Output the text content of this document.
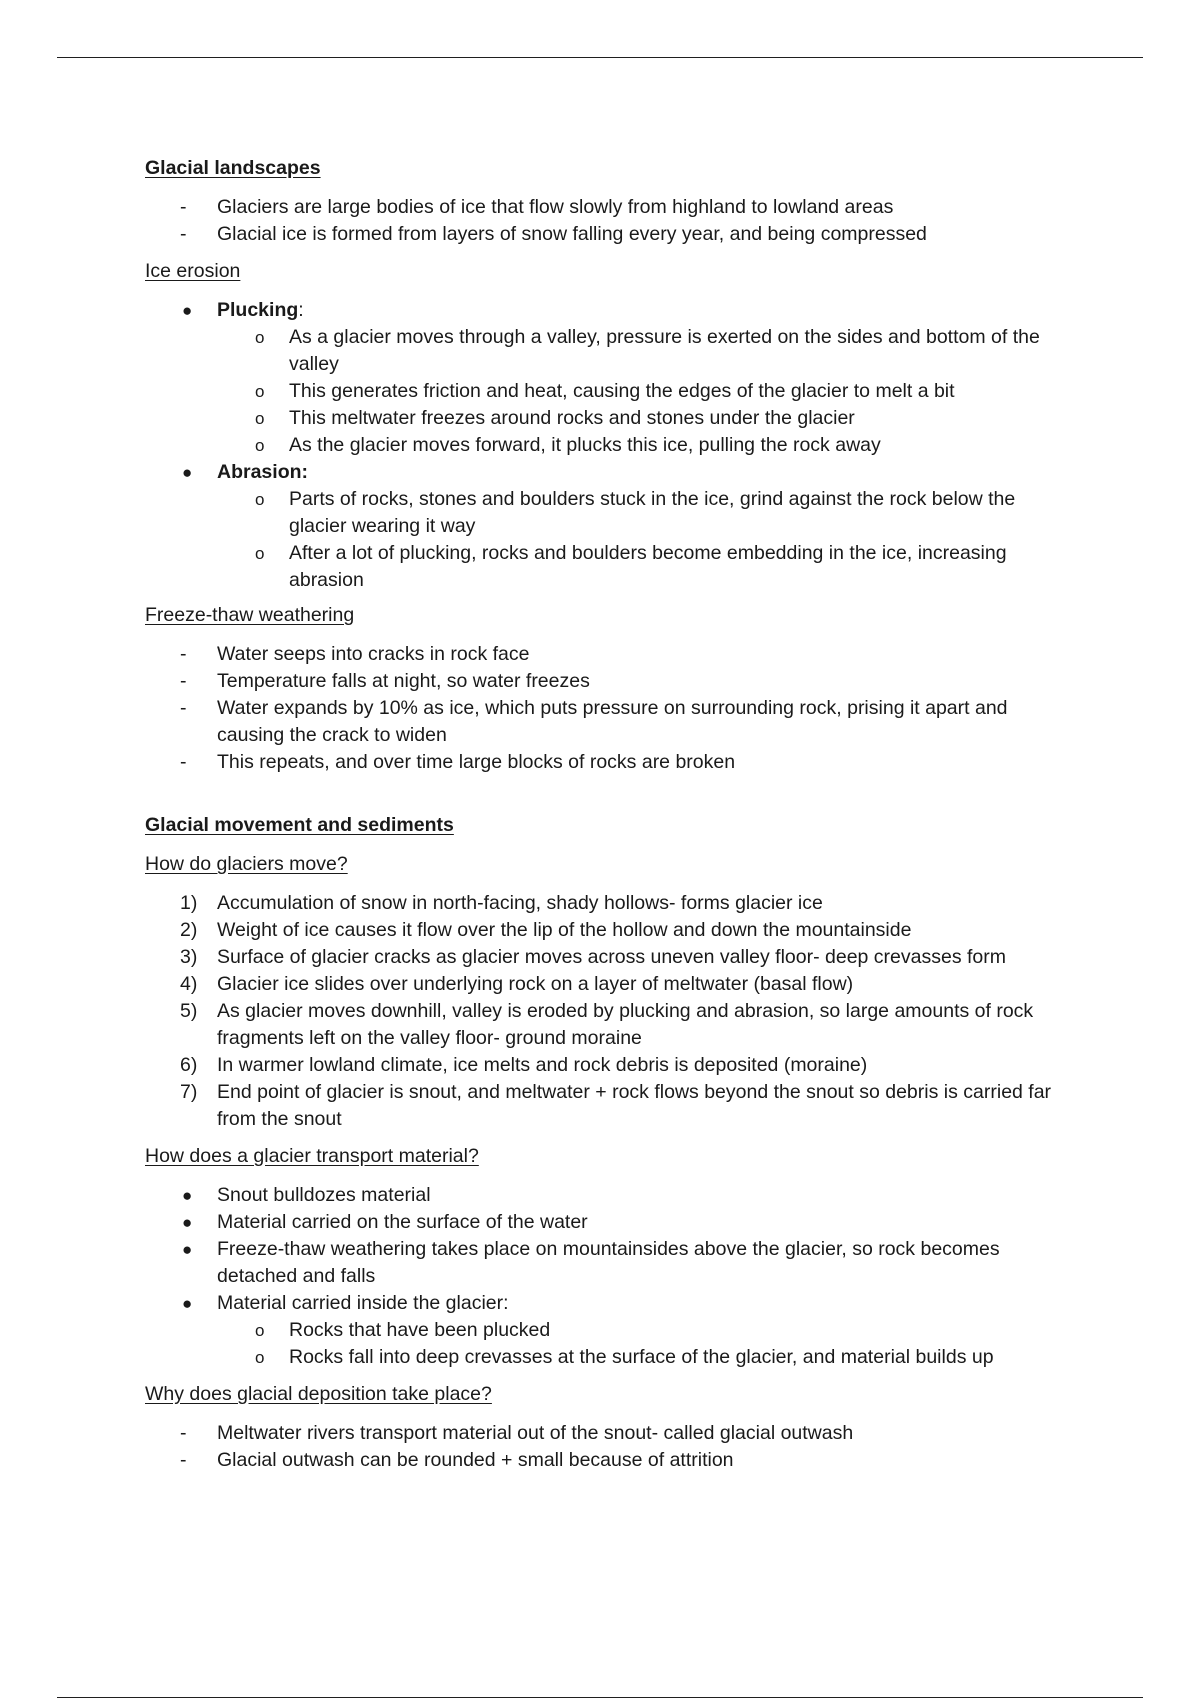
Glacial landscapes
- Glaciers are large bodies of ice that flow slowly from highland to lowland areas
- Glacial ice is formed from layers of snow falling every year, and being compressed
Ice erosion
● Plucking:
o As a glacier moves through a valley, pressure is exerted on the sides and bottom of the valley
o This generates friction and heat, causing the edges of the glacier to melt a bit
o This meltwater freezes around rocks and stones under the glacier
o As the glacier moves forward, it plucks this ice, pulling the rock away
● Abrasion:
o Parts of rocks, stones and boulders stuck in the ice, grind against the rock below the glacier wearing it way
o After a lot of plucking, rocks and boulders become embedding in the ice, increasing abrasion
Freeze-thaw weathering
- Water seeps into cracks in rock face
- Temperature falls at night, so water freezes
- Water expands by 10% as ice, which puts pressure on surrounding rock, prising it apart and causing the crack to widen
- This repeats, and over time large blocks of rocks are broken
Glacial movement and sediments
How do glaciers move?
1) Accumulation of snow in north-facing, shady hollows- forms glacier ice
2) Weight of ice causes it flow over the lip of the hollow and down the mountainside
3) Surface of glacier cracks as glacier moves across uneven valley floor- deep crevasses form
4) Glacier ice slides over underlying rock on a layer of meltwater (basal flow)
5) As glacier moves downhill, valley is eroded by plucking and abrasion, so large amounts of rock fragments left on the valley floor- ground moraine
6) In warmer lowland climate, ice melts and rock debris is deposited (moraine)
7) End point of glacier is snout, and meltwater + rock flows beyond the snout so debris is carried far from the snout
How does a glacier transport material?
● Snout bulldozes material
● Material carried on the surface of the water
● Freeze-thaw weathering takes place on mountainsides above the glacier, so rock becomes detached and falls
● Material carried inside the glacier:
o Rocks that have been plucked
o Rocks fall into deep crevasses at the surface of the glacier, and material builds up
Why does glacial deposition take place?
- Meltwater rivers transport material out of the snout- called glacial outwash
- Glacial outwash can be rounded + small because of attrition
